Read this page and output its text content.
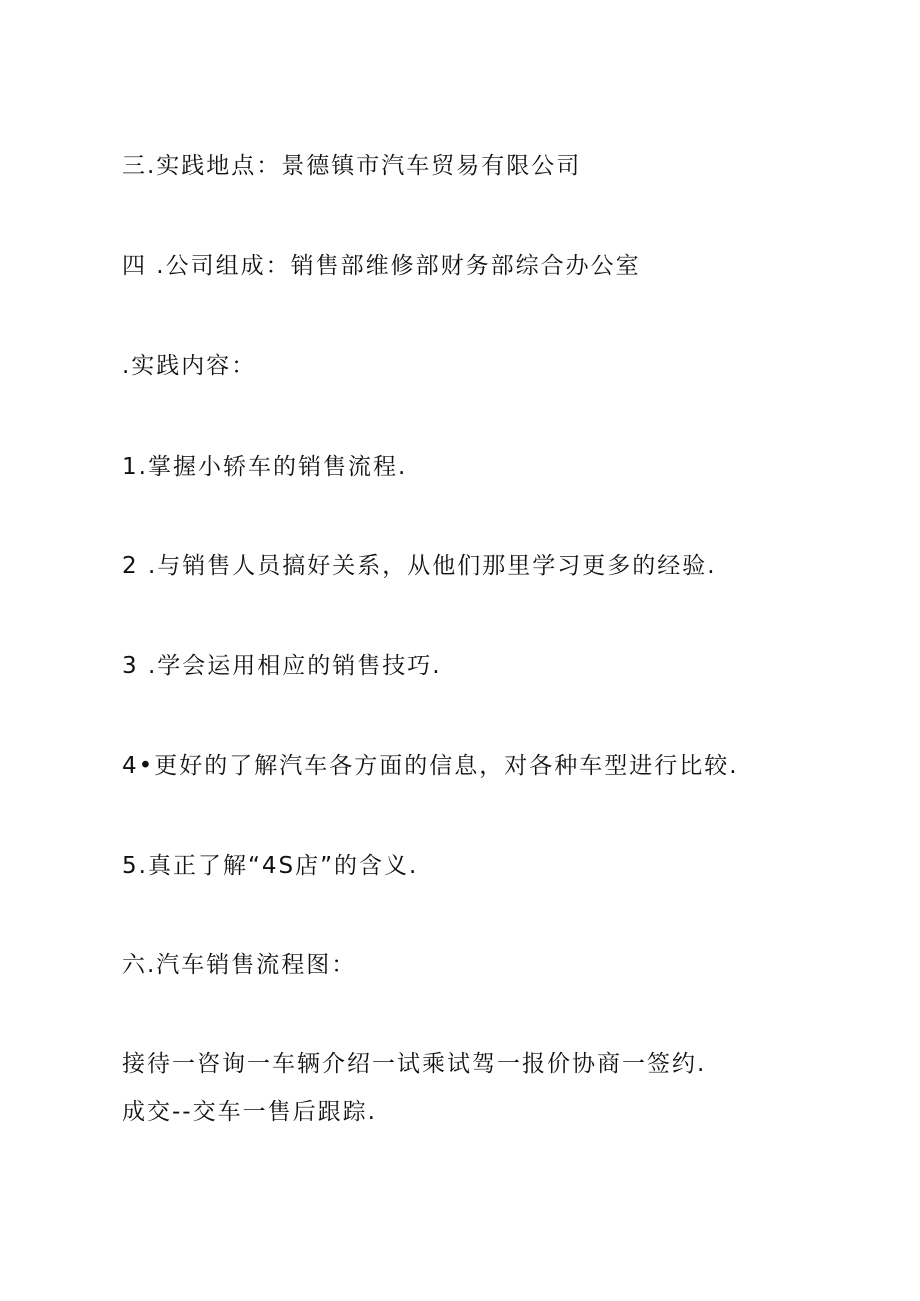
三.实践地点：景德镇市汽车贸易有限公司
四 .公司组成：销售部维修部财务部综合办公室
.实践内容：
1.掌握小轿车的销售流程.
2 .与销售人员搞好关系，从他们那里学习更多的经验.
3 .学会运用相应的销售技巧.
4•更好的了解汽车各方面的信息，对各种车型进行比较.
5.真正了解“4S店”的含义.
六.汽车销售流程图：
接待一咨询一车辆介绍一试乘试驾一报价协商一签约.
成交--交车一售后跟踪.
